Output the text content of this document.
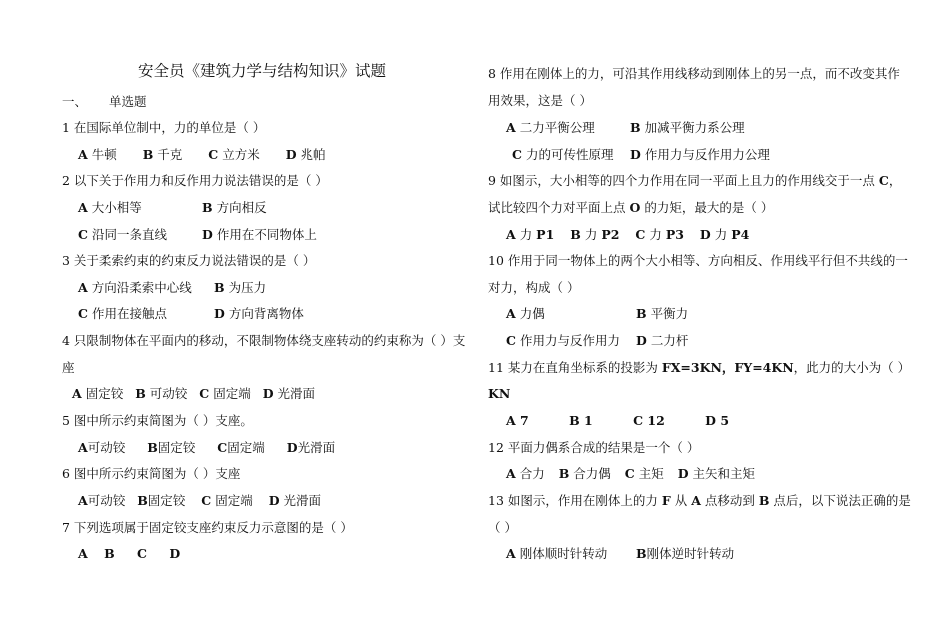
安全员《建筑力学与结构知识》试题
一、 单选题
1 在国际单位制中，力的单位是（ ）
A 牛顿 B 千克 C 立方米 D 兆帕
2 以下关于作用力和反作用力说法错误的是（ ）
A 大小相等	B 方向相反
C 沿同一条直线	D 作用在不同物体上
3 关于柔索约束的约束反力说法错误的是（ ）
A 方向沿柔索中心线 B 为压力
C 作用在接触点	D 方向背离物体
4 只限制物体在平面内的移动，不限制物体绕支座转动的约束称为（ ）支
座
A 固定铰 B 可动铰 C 固定端 D 光滑面
5 图中所示约束简图为（ ）支座。
A可动铰 B固定铰 C固定端 D光滑面
6 图中所示约束简图为（ ）支座
A可动铰 B固定铰 C 固定端 D 光滑面
7 下列选项属于固定铰支座约束反力示意图的是（ ）
A B C D
8 作用在刚体上的力，可沿其作用线移动到刚体上的另一点，而不改变其作
用效果，这是（ ）
A 二力平衡公理	B 加减平衡力系公理
C 力的可传性原理 D 作用力与反作用力公理
9 如图示，大小相等的四个力作用在同一平面上且力的作用线交于一点 C，
试比较四个力对平面上点 O 的力矩，最大的是（ ）
A 力 P1 B 力 P2 C 力 P3 D 力 P4
10 作用于同一物体上的两个大小相等、方向相反、作用线平行但不共线的一
对力，构成（ ）
A 力偶	B 平衡力
C 作用力与反作用力 D 二力杆
11 某力在直角坐标系的投影为 FX=3KN，FY=4KN，此力的大小为（ ）
KN
A 7	B 1	C 12	D 5
12 平面力偶系合成的结果是一个（ ）
A 合力 B 合力偶 C 主矩 D 主矢和主矩
13 如图示，作用在刚体上的力 F 从 A 点移动到 B 点后，以下说法正确的是
（ ）
A 刚体顺时针转动 B刚体逆时针转动
